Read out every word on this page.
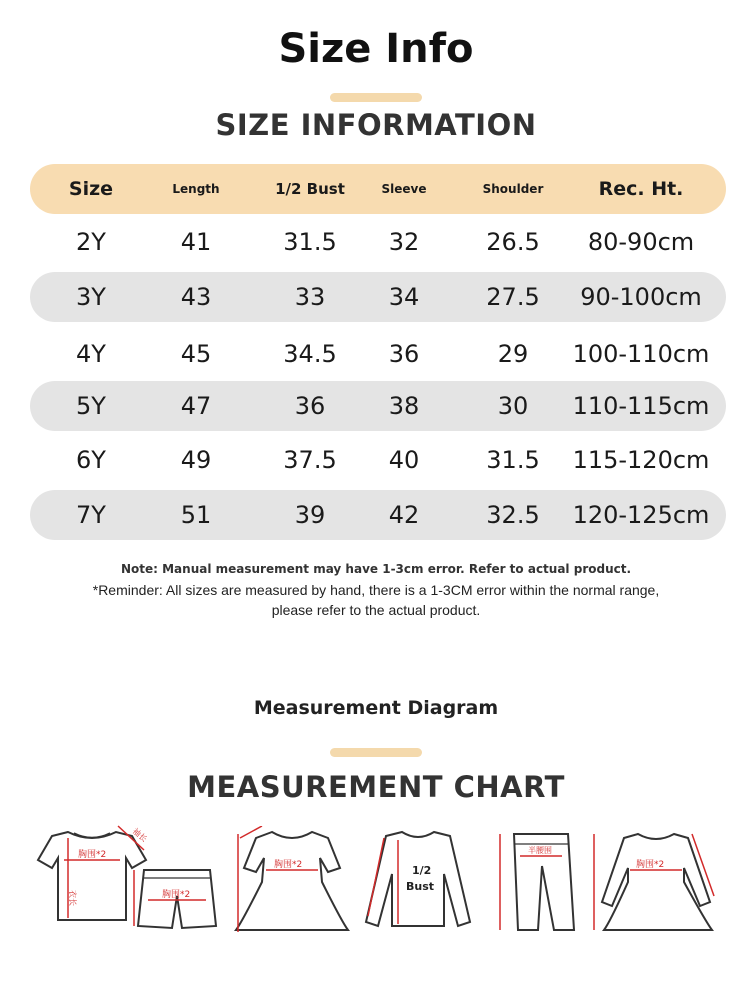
Size Info
SIZE INFORMATION
Size	Length	1/2 Bust	Sleeve	Shoulder	Rec. Ht.
2Y	41	31.5	32	26.5	80-90cm
3Y	43	33	34	27.5	90-100cm
4Y	45	34.5	36	29	100-110cm
5Y	47	36	38	30	110-115cm
6Y	49	37.5	40	31.5	115-120cm
7Y	51	39	42	32.5	120-125cm
Note: Manual measurement may have 1-3cm error. Refer to actual product.
*Reminder: All sizes are measured by hand, there is a 1-3CM error within the normal range,
please refer to the actual product.
Measurement Diagram
MEASUREMENT CHART
胸围*2
衣长
袖长
胸围*2
胸围*2	1/2
Bust
半腰围
胸围*2
